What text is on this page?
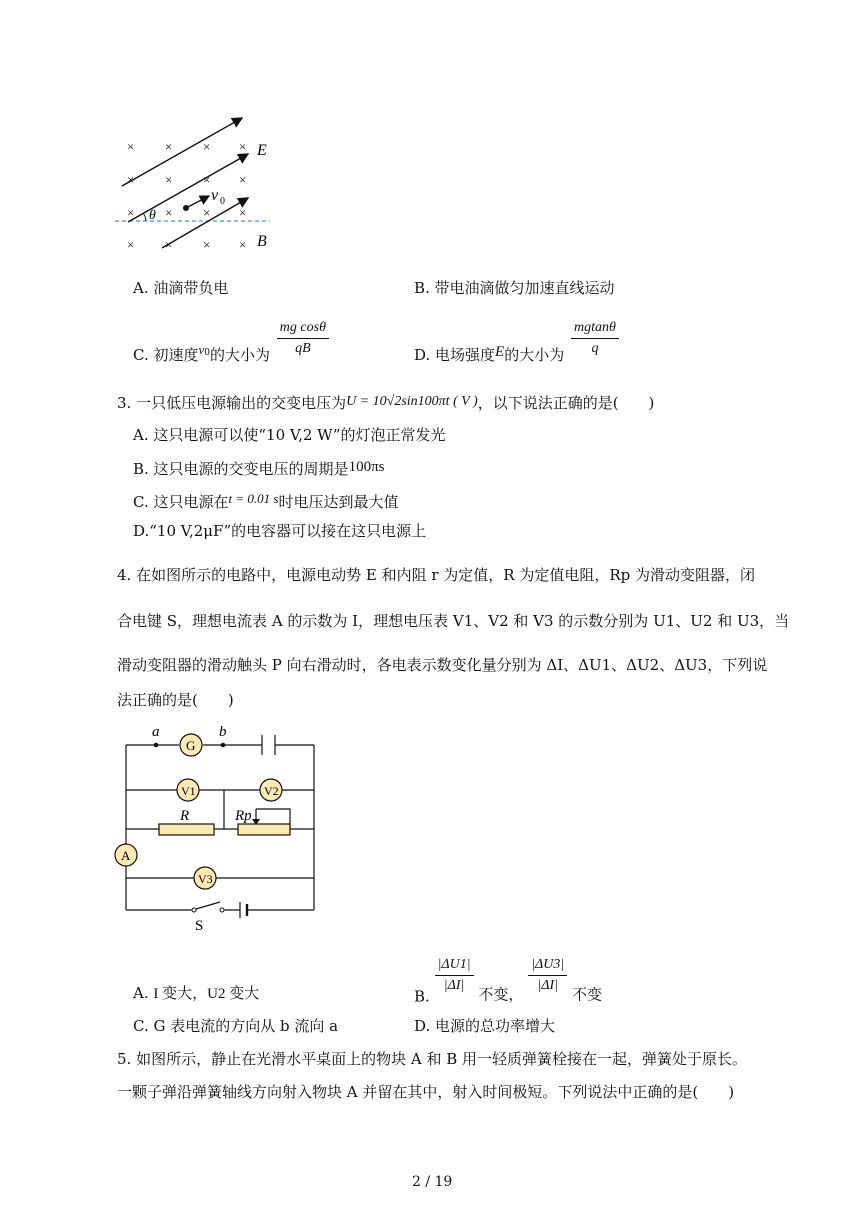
× × × ×
× × × ×
× × × ×
× × × ×
E
B
v 0
θ
A. 油滴带负电	B. 带电油滴做匀加速直线运动
C. 初速度$v^0$的大小为 $\frac{\text{mg cosθ}}{qB}$	D. 电场强度E的大小为 $\frac{mgtan\theta}{q}$
3. 一只低压电源输出的交变电压为U = 10√2sin100πt ( V )，以下说法正确的是(　　)
A. 这只电源可以使“10 V,2 W”的灯泡正常发光
B. 这只电源的交变电压的周期是100πs
C. 这只电源在t = 0.01 s时电压达到最大值
D.“10 V,2μF”的电容器可以接在这只电源上
4. 在如图所示的电路中，电源电动势 E 和内阻 r 为定值，R 为定值电阻，Rp 为滑动变阻器，闭
合电键 S，理想电流表 A 的示数为 I，理想电压表 V1、V2 和 V3 的示数分别为 U1、U2 和 U3，当
滑动变阻器的滑动触头 P 向右滑动时，各电表示数变化量分别为 ΔI、ΔU1、ΔU2、ΔU3，下列说
法正确的是(　　)
a	b
G
V1	V2
R	Rp
A
V3
S
A. I 变大，U2 变大	B.
$\frac{|\Delta U1|}{|\Delta I|}$ 不变， $\frac{|\Delta U3|}{|\Delta I|}$ 不变
C. G 表电流的方向从 b 流向 a	D. 电源的总功率增大
5. 如图所示，静止在光滑水平桌面上的物块 A 和 B 用一轻质弹簧栓接在一起，弹簧处于原长。
一颗子弹沿弹簧轴线方向射入物块 A 并留在其中，射入时间极短。下列说法中正确的是(　　)
2 / 19
